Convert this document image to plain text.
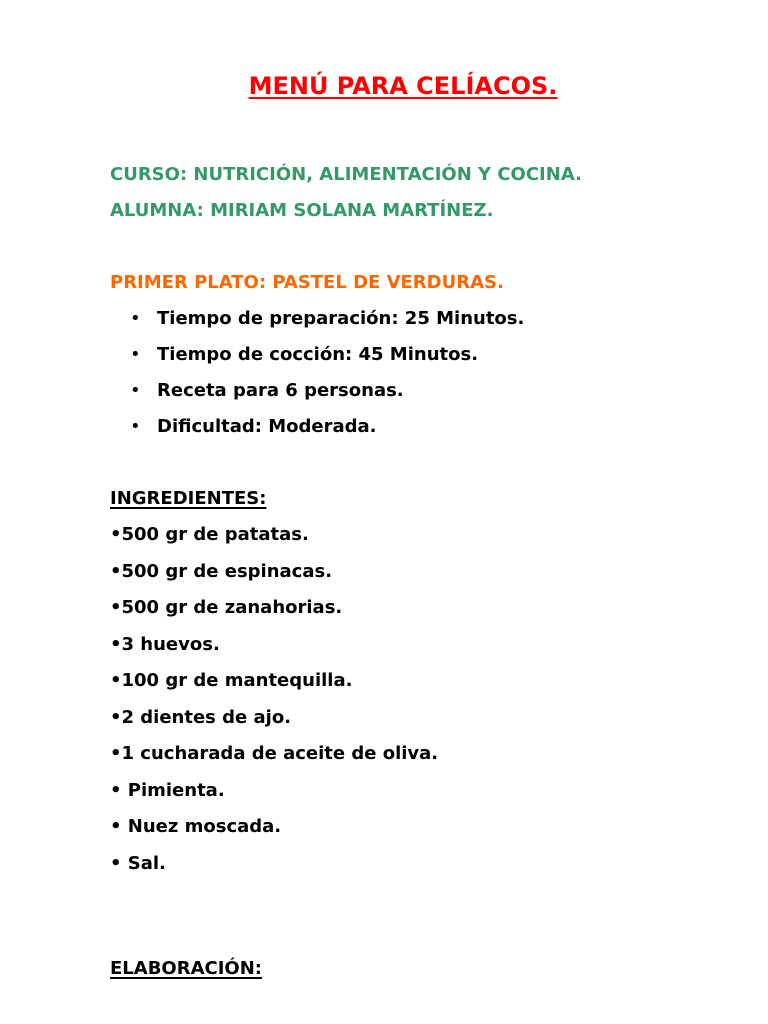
MENÚ PARA CELÍACOS.

CURSO: NUTRICIÓN, ALIMENTACIÓN Y COCINA.

ALUMNA: MIRIAM SOLANA MARTÍNEZ.

PRIMER PLATO: PASTEL DE VERDURAS.

• Tiempo de preparación: 25 Minutos.
• Tiempo de cocción: 45 Minutos.
• Receta para 6 personas.
• Dificultad: Moderada.

INGREDIENTES:

•500 gr de patatas.
•500 gr de espinacas.
•500 gr de zanahorias.
•3 huevos.
•100 gr de mantequilla.
•2 dientes de ajo.
•1 cucharada de aceite de oliva.
• Pimienta.
• Nuez moscada.
• Sal.

ELABORACIÓN:
